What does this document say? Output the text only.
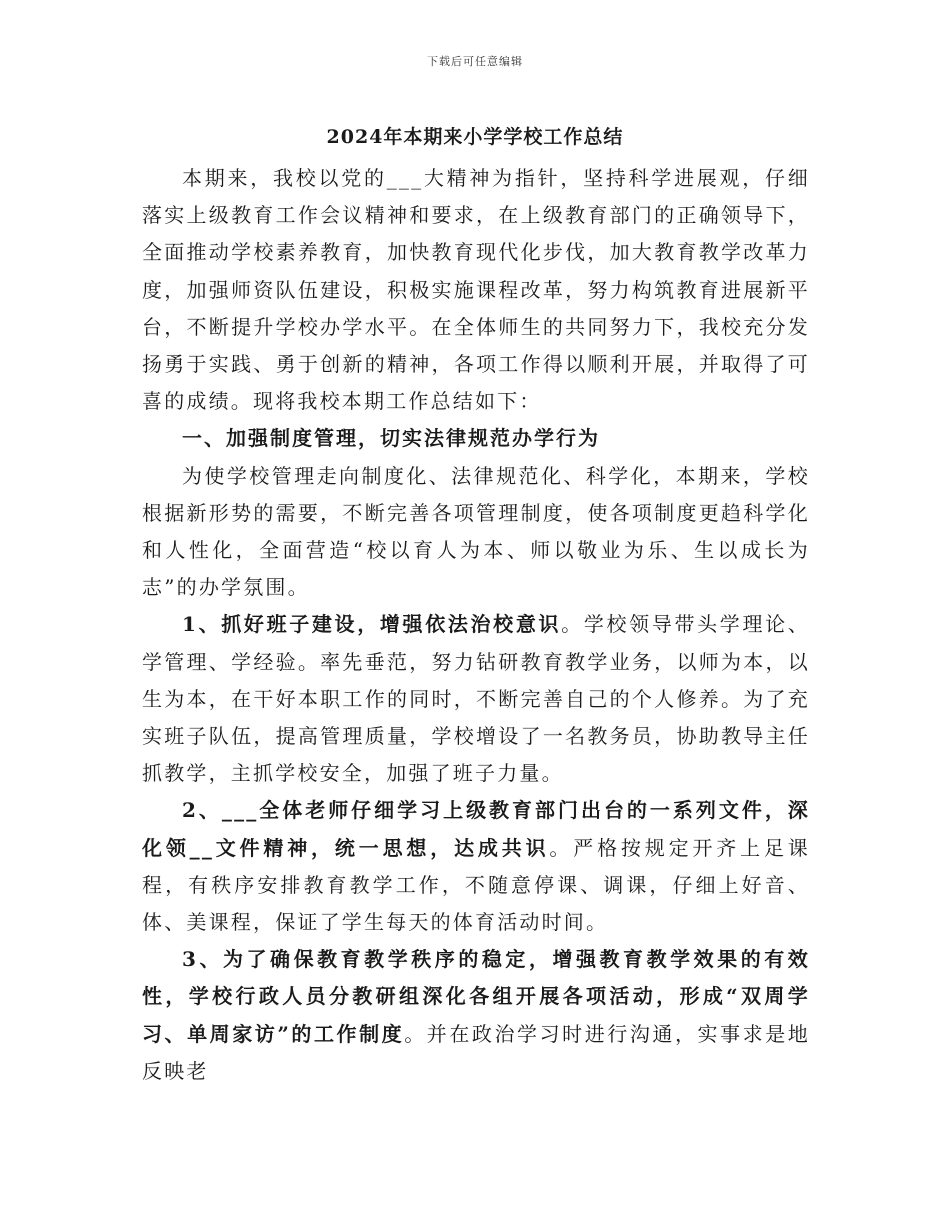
下载后可任意编辑
2024年本期来小学学校工作总结

本期来，我校以党的___大精神为指针，坚持科学进展观，仔细落实上级教育工作会议精神和要求，在上级教育部门的正确领导下，全面推动学校素养教育，加快教育现代化步伐，加大教育教学改革力度，加强师资队伍建设，积极实施课程改革，努力构筑教育进展新平台，不断提升学校办学水平。在全体师生的共同努力下，我校充分发扬勇于实践、勇于创新的精神，各项工作得以顺利开展，并取得了可喜的成绩。现将我校本期工作总结如下：

一、加强制度管理，切实法律规范办学行为

为使学校管理走向制度化、法律规范化、科学化，本期来，学校根据新形势的需要，不断完善各项管理制度，使各项制度更趋科学化和人性化，全面营造“校以育人为本、师以敬业为乐、生以成长为志”的办学氛围。

1、抓好班子建设，增强依法治校意识。学校领导带头学理论、学管理、学经验。率先垂范，努力钻研教育教学业务，以师为本，以生为本，在干好本职工作的同时，不断完善自己的个人修养。为了充实班子队伍，提高管理质量，学校增设了一名教务员，协助教导主任抓教学，主抓学校安全，加强了班子力量。

2、___全体老师仔细学习上级教育部门出台的一系列文件，深化领__文件精神，统一思想，达成共识。严格按规定开齐上足课程，有秩序安排教育教学工作，不随意停课、调课，仔细上好音、体、美课程，保证了学生每天的体育活动时间。

3、为了确保教育教学秩序的稳定，增强教育教学效果的有效性，学校行政人员分教研组深化各组开展各项活动，形成“双周学习、单周家访”的工作制度。并在政治学习时进行沟通，实事求是地反映老
